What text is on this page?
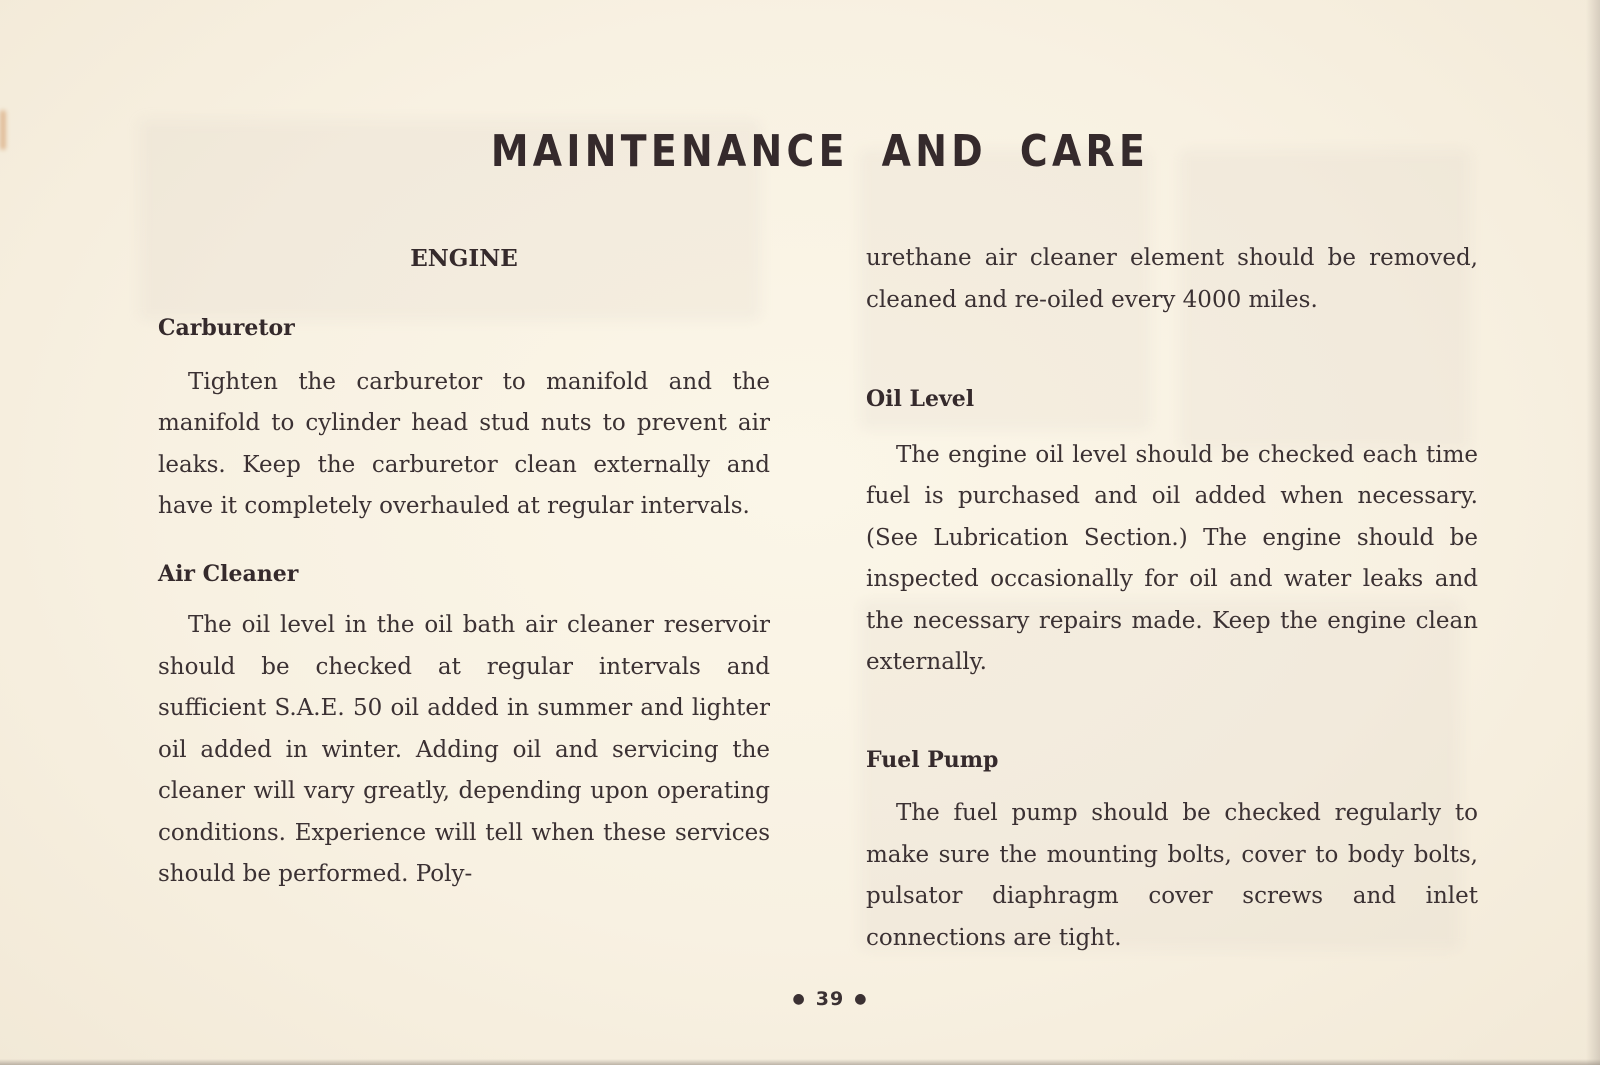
MAINTENANCE AND CARE
ENGINE
Carburetor

Tighten the carburetor to manifold and the manifold to cylinder head stud nuts to prevent air leaks. Keep the carburetor clean externally and have it completely overhauled at regular intervals.

Air Cleaner

The oil level in the oil bath air cleaner reservoir should be checked at regular intervals and sufficient S.A.E. 50 oil added in summer and lighter oil added in winter. Adding oil and servicing the cleaner will vary greatly, depending upon operating conditions. Experience will tell when these services should be performed. Poly-

urethane air cleaner element should be removed, cleaned and re-oiled every 4000 miles.

Oil Level

The engine oil level should be checked each time fuel is purchased and oil added when necessary. (See Lubrication Section.) The engine should be inspected occasionally for oil and water leaks and the necessary repairs made. Keep the engine clean externally.

Fuel Pump

The fuel pump should be checked regularly to make sure the mounting bolts, cover to body bolts, pulsator diaphragm cover screws and inlet connections are tight.

● 39 ●
